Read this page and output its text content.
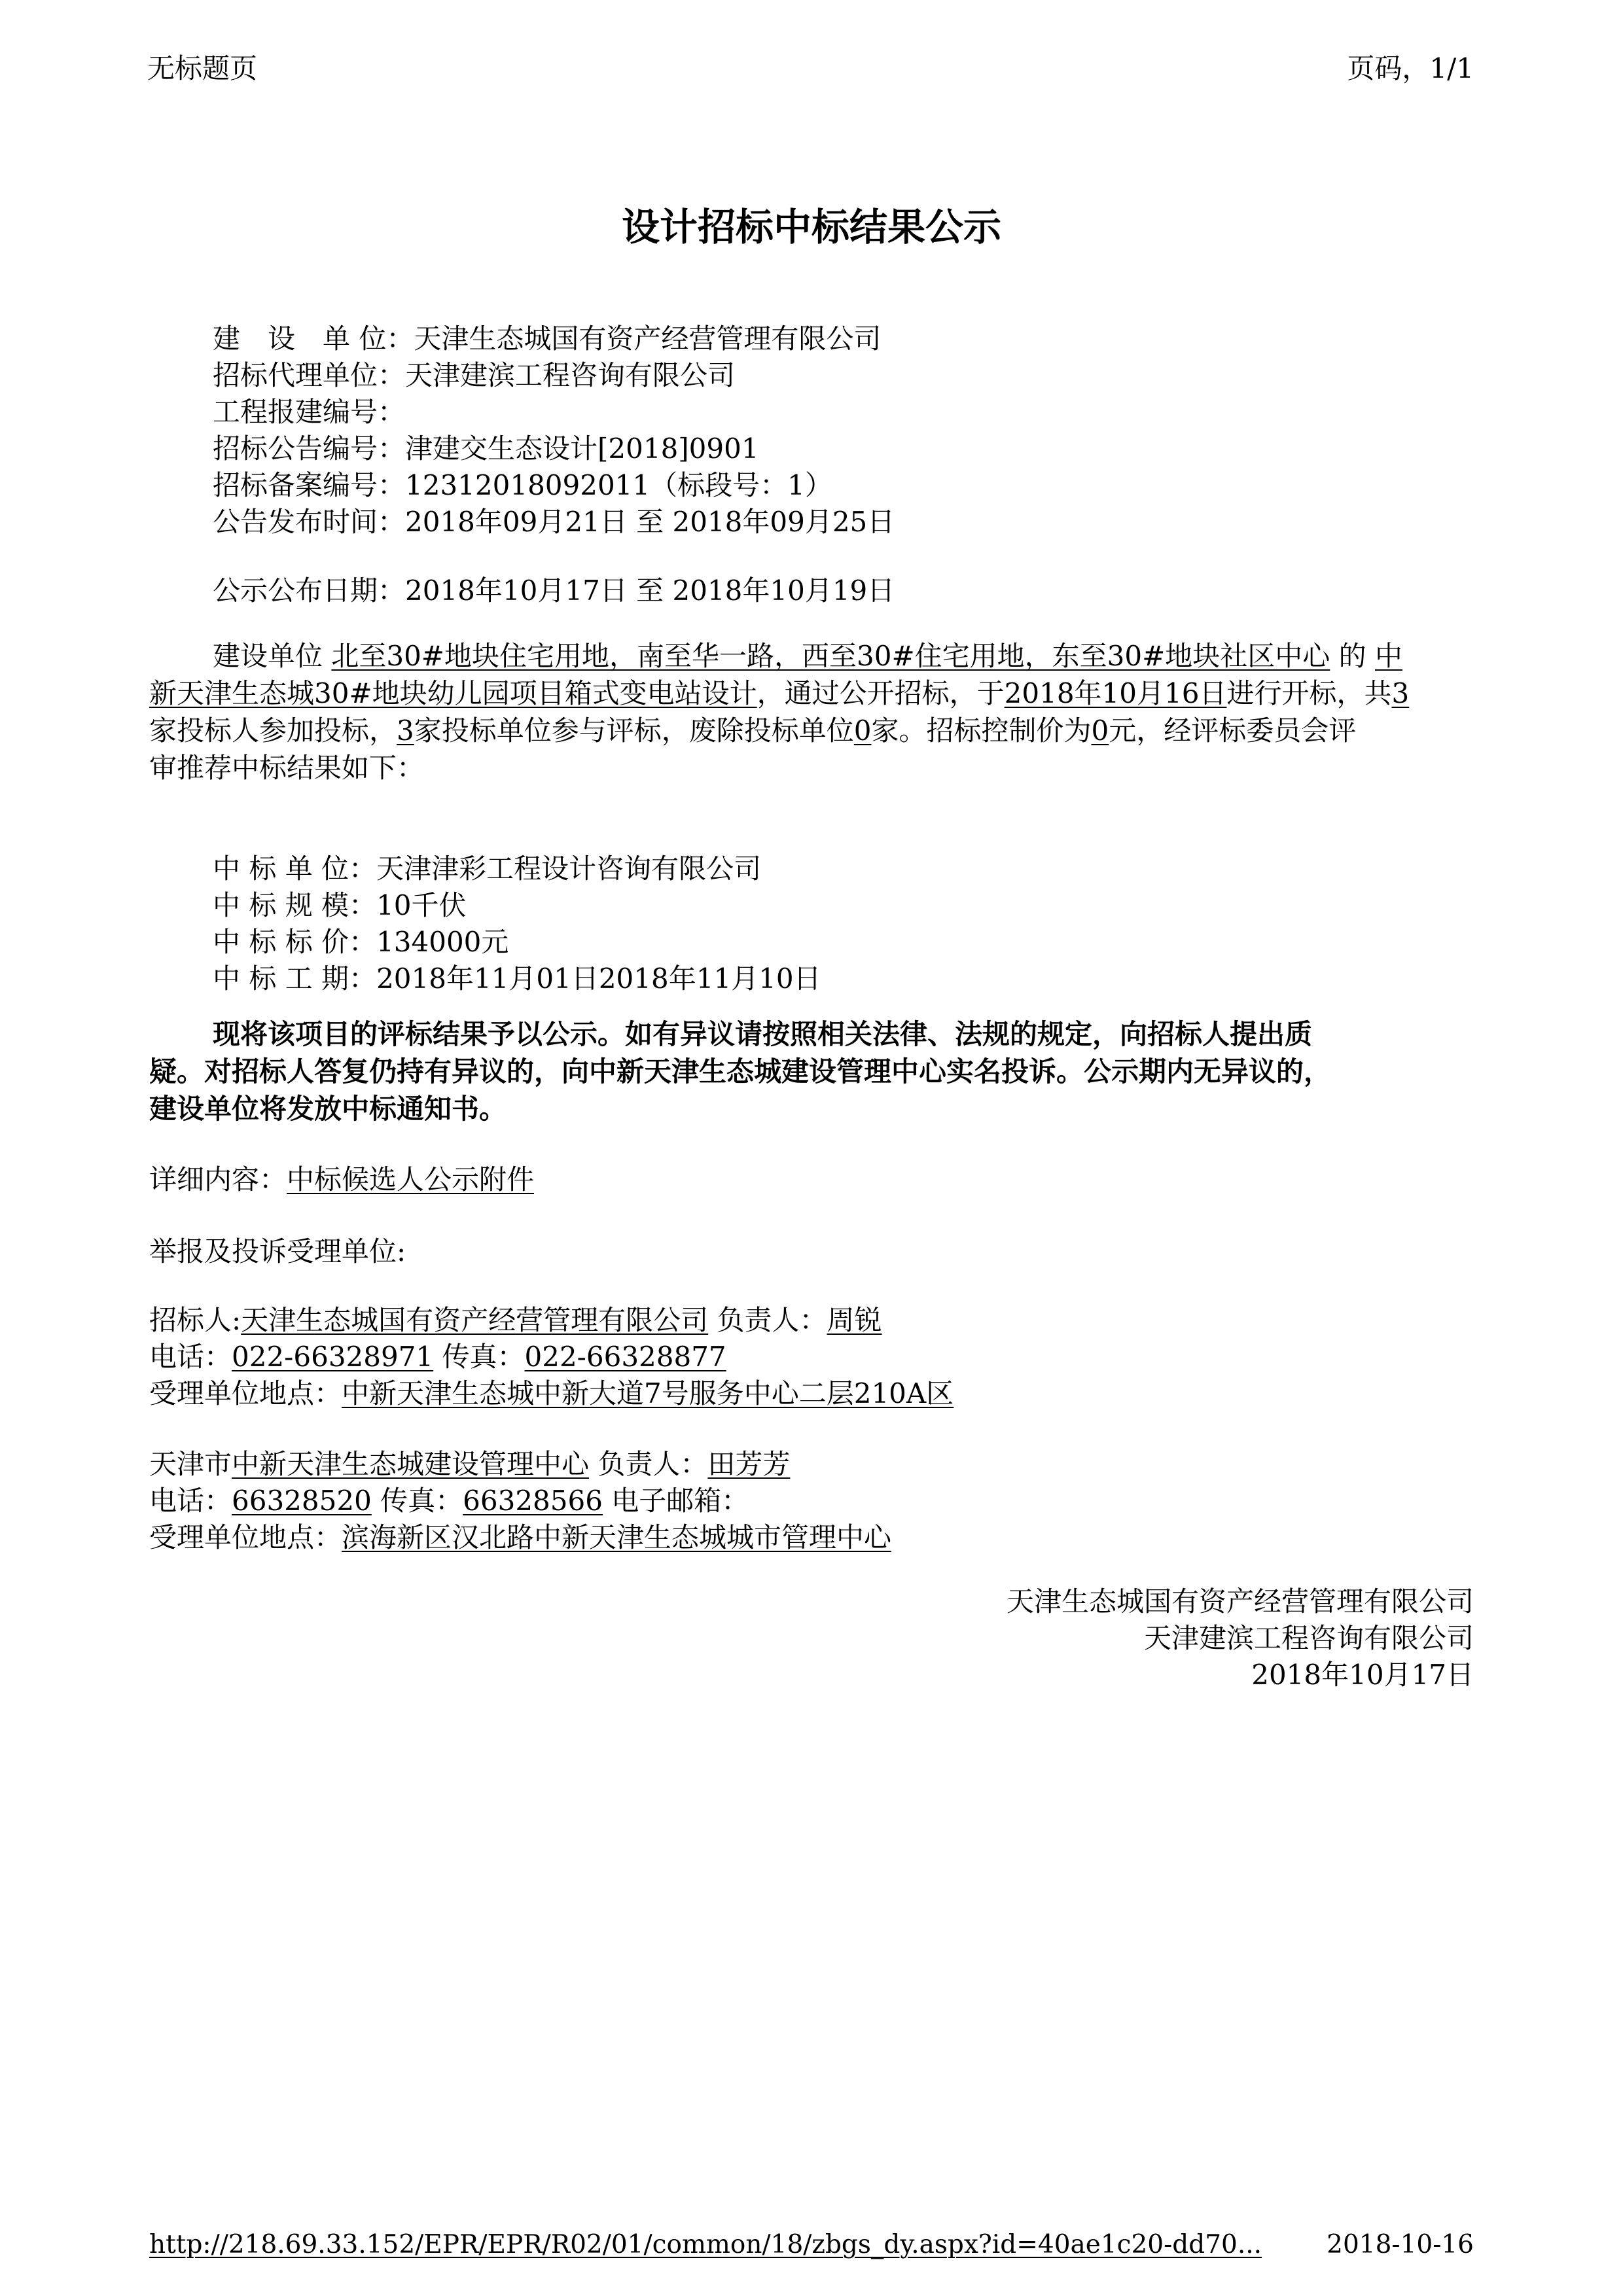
无标题页	页码，1/1
设计招标中标结果公示
建　设　单 位：天津生态城国有资产经营管理有限公司
招标代理单位：天津建滨工程咨询有限公司
工程报建编号：
招标公告编号：津建交生态设计[2018]0901
招标备案编号：12312018092011（标段号：1）
公告发布时间：2018年09月21日 至 2018年09月25日
公示公布日期：2018年10月17日 至 2018年10月19日
建设单位 北至30#地块住宅用地，南至华一路，西至30#住宅用地，东至30#地块社区中心 的 中
新天津生态城30#地块幼儿园项目箱式变电站设计，通过公开招标，于2018年10月16日进行开标，共3
家投标人参加投标，3家投标单位参与评标，废除投标单位0家。招标控制价为0元，经评标委员会评
审推荐中标结果如下：
中 标 单 位：天津津彩工程设计咨询有限公司
中 标 规 模：10千伏
中 标 标 价：134000元
中 标 工 期：2018年11月01日2018年11月10日
现将该项目的评标结果予以公示。如有异议请按照相关法律、法规的规定，向招标人提出质
疑。对招标人答复仍持有异议的，向中新天津生态城建设管理中心实名投诉。公示期内无异议的，
建设单位将发放中标通知书。
详细内容：中标候选人公示附件
举报及投诉受理单位:
招标人:天津生态城国有资产经营管理有限公司 负责人：周锐
电话：022-66328971 传真：022-66328877
受理单位地点：中新天津生态城中新大道7号服务中心二层210A区
天津市中新天津生态城建设管理中心 负责人：田芳芳
电话：66328520 传真：66328566 电子邮箱：
受理单位地点：滨海新区汉北路中新天津生态城城市管理中心
天津生态城国有资产经营管理有限公司
天津建滨工程咨询有限公司
2018年10月17日
http://218.69.33.152/EPR/EPR/R02/01/common/18/zbgs_dy.aspx?id=40ae1c20-dd70...	2018-10-16
